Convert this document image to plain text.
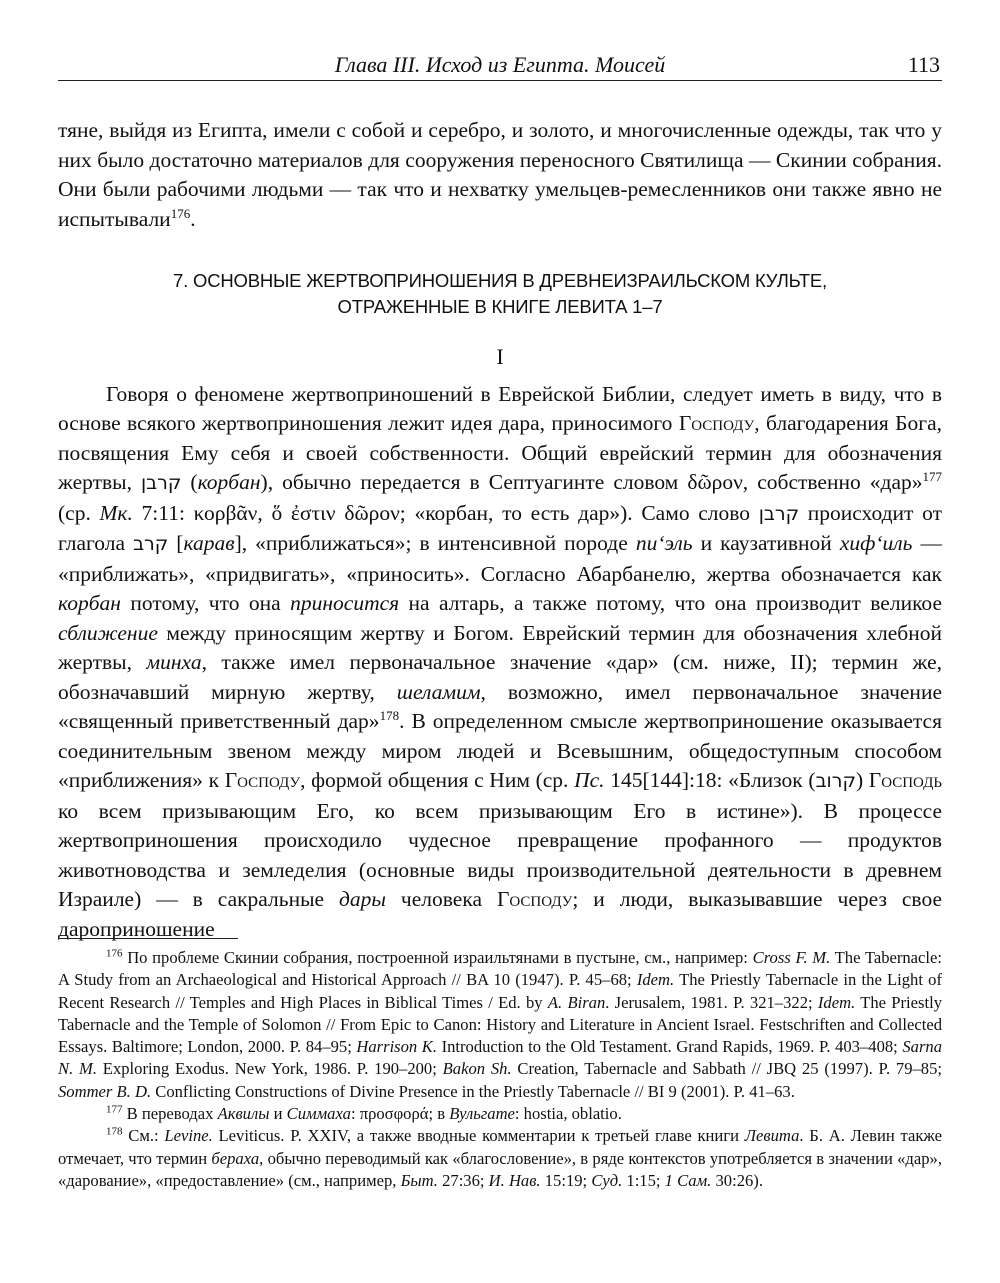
Глава III. Исход из Египта. Моисей	113

тяне, выйдя из Египта, имели с собой и серебро, и золото, и многочисленные одежды, так что у них было достаточно материалов для сооружения переносного Святилища — Скинии собрания. Они были рабочими людьми — так что и нехватку умельцев-ремесленников они также явно не испытывали$^{176}$.

7. ОСНОВНЫЕ ЖЕРТВОПРИНОШЕНИЯ В ДРЕВНЕИЗРАИЛЬСКОМ КУЛЬТЕ,
ОТРАЖЕННЫЕ В КНИГЕ ЛЕВИТА 1–7

I

Говоря о феномене жертвоприношений в Еврейской Библии, следует иметь в виду, что в основе всякого жертвоприношения лежит идея дара, приносимого Господу, благодарения Бога, посвящения Ему себя и своей собственности. Общий еврейский термин для обозначения жертвы, קרבן (корбан), обычно передается в Септуагинте словом δῶρον, собственно «дар»$^{177}$ (ср. Мк. 7:11: κορβᾶν, ὅ ἐστιν δῶρον; «корбан, то есть дар»). Само слово קרבן происходит от глагола קרב [карав], «приближаться»; в интенсивной породе пи‘эль и каузативной хиф‘иль — «приближать», «придвигать», «приносить». Согласно Абарбанелю, жертва обозначается как корбан потому, что она приносится на алтарь, а также потому, что она производит великое сближение между приносящим жертву и Богом. Еврейский термин для обозначения хлебной жертвы, минха, также имел первоначальное значение «дар» (см. ниже, II); термин же, обозначавший мирную жертву, шеламим, возможно, имел первоначальное значение «священный приветственный дар»$^{178}$. В определенном смысле жертвоприношение оказывается соединительным звеном между миром людей и Всевышним, общедоступным способом «приближения» к Господу, формой общения с Ним (ср. Пс. 145[144]:18: «Близок (קרוב) Господь ко всем призывающим Его, ко всем призывающим Его в истине»). В процессе жертвоприношения происходило чудесное превращение профанного — продуктов животноводства и земледелия (основные виды производительной деятельности в древнем Израиле) — в сакральные дары человека Господу; и люди, выказывавшие через свое дароприношение

$^{176}$ По проблеме Скинии собрания, построенной израильтянами в пустыне, см., например: Cross F. M. The Tabernacle: A Study from an Archaeological and Historical Approach // BA 10 (1947). P. 45–68; Idem. The Priestly Tabernacle in the Light of Recent Research // Temples and High Places in Biblical Times / Ed. by A. Biran. Jerusalem, 1981. P. 321–322; Idem. The Priestly Tabernacle and the Temple of Solomon // From Epic to Canon: History and Literature in Ancient Israel. Festschriften and Collected Essays. Baltimore; London, 2000. P. 84–95; Harrison K. Introduction to the Old Testament. Grand Rapids, 1969. P. 403–408; Sarna N. M. Exploring Exodus. New York, 1986. P. 190–200; Bakon Sh. Creation, Tabernacle and Sabbath // JBQ 25 (1997). P. 79–85; Sommer B. D. Conflicting Constructions of Divine Presence in the Priestly Tabernacle // BI 9 (2001). P. 41–63.

$^{177}$ В переводах Аквилы и Симмаха: προσφορά; в Вульгате: hostia, oblatio.

$^{178}$ См.: Levine. Leviticus. P. XXIV, а также вводные комментарии к третьей главе книги Левита. Б. А. Левин также отмечает, что термин бераха, обычно переводимый как «благословение», в ряде контекстов употребляется в значении «дар», «дарование», «предоставление» (см., например, Быт. 27:36; И. Нав. 15:19; Суд. 1:15; 1 Сам. 30:26).
